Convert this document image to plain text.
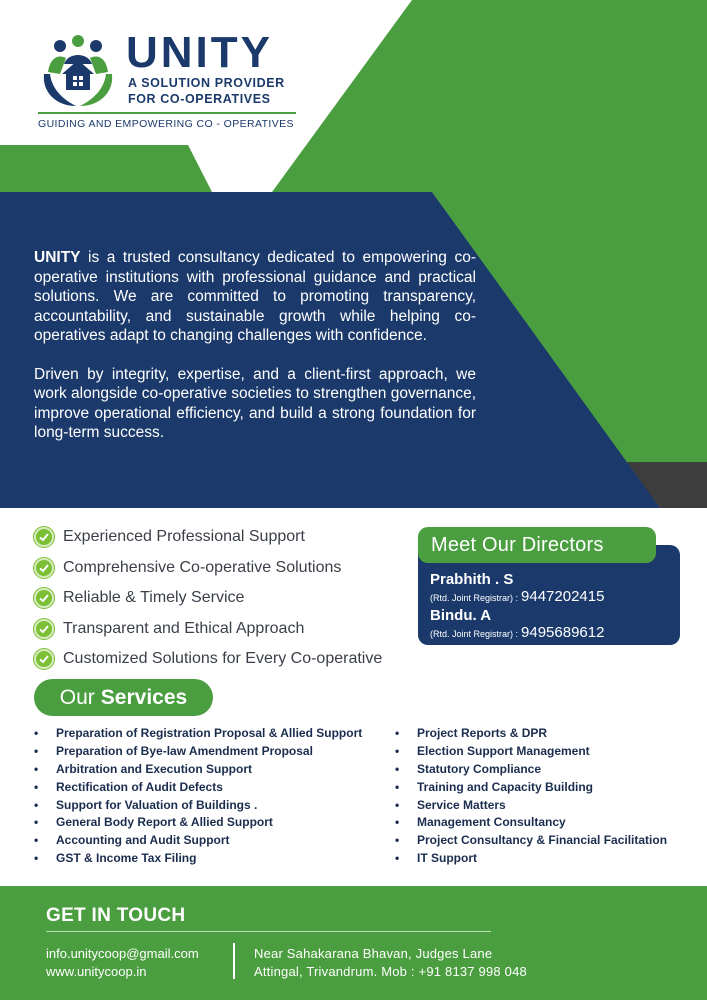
UNITY
A SOLUTION PROVIDER
FOR CO-OPERATIVES
GUIDING AND EMPOWERING CO - OPERATIVES

UNITY is a trusted consultancy dedicated to empowering co-operative institutions with professional guidance and practical solutions. We are committed to promoting transparency, accountability, and sustainable growth while helping co-operatives adapt to changing challenges with confidence.

Driven by integrity, expertise, and a client-first approach, we work alongside co-operative societies to strengthen governance, improve operational efficiency, and build a strong foundation for long-term success.

Experienced Professional Support
Comprehensive Co-operative Solutions
Reliable & Timely Service
Transparent and Ethical Approach
Customized Solutions for Every Co-operative
Meet Our Directors
Prabhith . S
(Rtd. Joint Registrar) : 9447202415
Bindu. A
(Rtd. Joint Registrar) : 9495689612
Our Services
• Preparation of Registration Proposal & Allied Support
• Preparation of Bye-law Amendment Proposal
• Arbitration and Execution Support
• Rectification of Audit Defects
• Support for Valuation of Buildings .
• General Body Report & Allied Support
• Accounting and Audit Support
• GST & Income Tax Filing
• Project Reports & DPR
• Election Support Management
• Statutory Compliance
• Training and Capacity Building
• Service Matters
• Management Consultancy
• Project Consultancy & Financial Facilitation
• IT Support
GET IN TOUCH
info.unitycoop@gmail.com
www.unitycoop.in
Near Sahakarana Bhavan, Judges Lane
Attingal, Trivandrum. Mob : +91 8137 998 048
